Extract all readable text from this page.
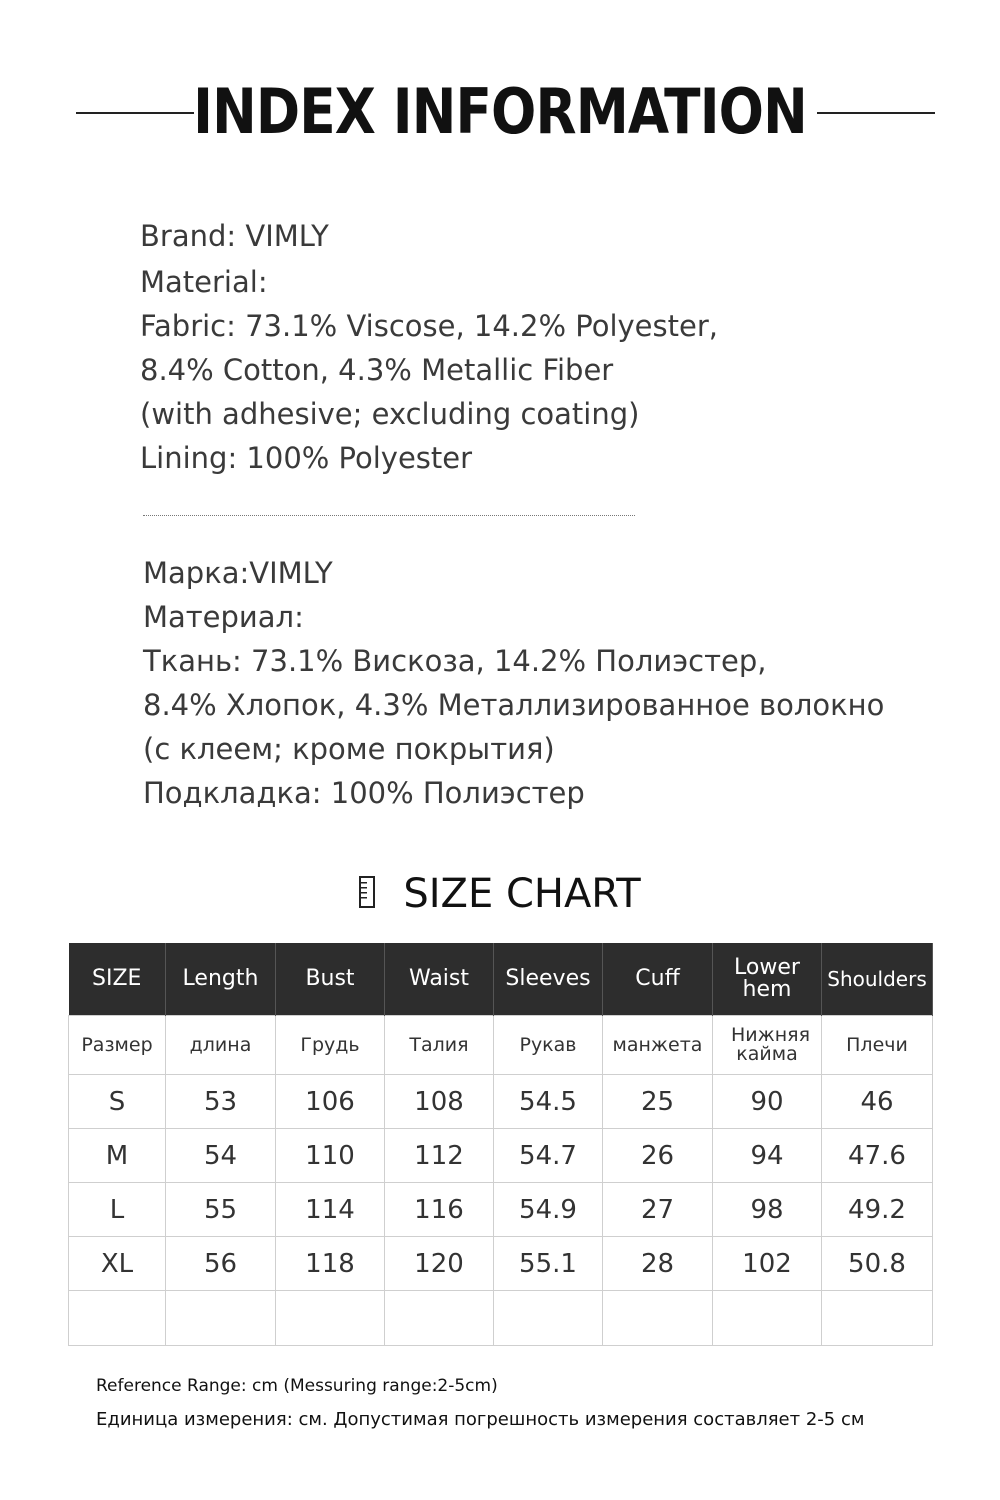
INDEX INFORMATION
Brand: VIMLY
Material:
Fabric: 73.1% Viscose, 14.2% Polyester,
8.4% Cotton, 4.3% Metallic Fiber
(with adhesive; excluding coating)
Lining: 100% Polyester
Марка:VIMLY
Материал:
Ткань: 73.1% Вискоза, 14.2% Полиэстер,
8.4% Хлопок, 4.3% Металлизированное волокно
(с клеем; кроме покрытия)
Подкладка: 100% Полиэстер
SIZE CHART
SIZE	Length	Bust	Waist	Sleeves	Cuff	Lower hem	Shoulders
Размер	длина	Грудь	Талия	Рукав	манжета	Нижняя кайма	Плечи
S	53	106	108	54.5	25	90	46
M	54	110	112	54.7	26	94	47.6
L	55	114	116	54.9	27	98	49.2
XL	56	118	120	55.1	28	102	50.8

Reference Range: cm (Messuring range:2-5cm)
Единица измерения: см. Допустимая погрешность измерения составляет 2-5 см
